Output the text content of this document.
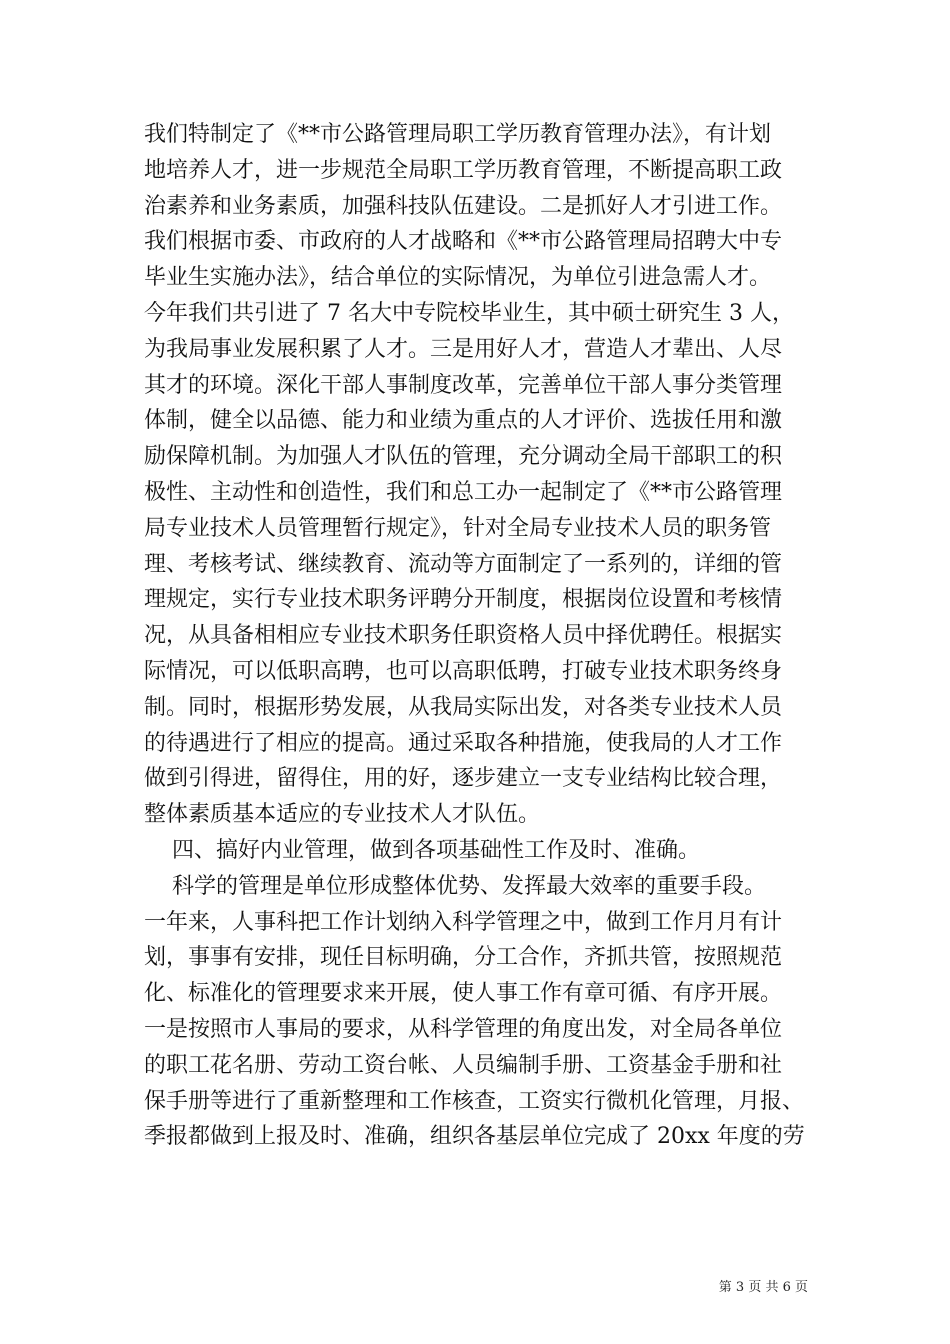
我们特制定了《**市公路管理局职工学历教育管理办法》，有计划
地培养人才，进一步规范全局职工学历教育管理，不断提高职工政
治素养和业务素质，加强科技队伍建设。二是抓好人才引进工作。
我们根据市委、市政府的人才战略和《**市公路管理局招聘大中专
毕业生实施办法》，结合单位的实际情况，为单位引进急需人才。
今年我们共引进了 7 名大中专院校毕业生，其中硕士研究生 3 人，
为我局事业发展积累了人才。三是用好人才，营造人才辈出、人尽
其才的环境。深化干部人事制度改革，完善单位干部人事分类管理
体制，健全以品德、能力和业绩为重点的人才评价、选拔任用和激
励保障机制。为加强人才队伍的管理，充分调动全局干部职工的积
极性、主动性和创造性，我们和总工办一起制定了《**市公路管理
局专业技术人员管理暂行规定》，针对全局专业技术人员的职务管
理、考核考试、继续教育、流动等方面制定了一系列的，详细的管
理规定，实行专业技术职务评聘分开制度，根据岗位设置和考核情
况，从具备相相应专业技术职务任职资格人员中择优聘任。根据实
际情况，可以低职高聘，也可以高职低聘，打破专业技术职务终身
制。同时，根据形势发展，从我局实际出发，对各类专业技术人员
的待遇进行了相应的提高。通过采取各种措施，使我局的人才工作
做到引得进，留得住，用的好，逐步建立一支专业结构比较合理，
整体素质基本适应的专业技术人才队伍。
四、搞好内业管理，做到各项基础性工作及时、准确。
科学的管理是单位形成整体优势、发挥最大效率的重要手段。
一年来，人事科把工作计划纳入科学管理之中，做到工作月月有计
划，事事有安排，现任目标明确，分工合作，齐抓共管，按照规范
化、标准化的管理要求来开展，使人事工作有章可循、有序开展。
一是按照市人事局的要求，从科学管理的角度出发，对全局各单位
的职工花名册、劳动工资台帐、人员编制手册、工资基金手册和社
保手册等进行了重新整理和工作核查，工资实行微机化管理，月报、
季报都做到上报及时、准确，组织各基层单位完成了 20xx 年度的劳
第 3 页 共 6 页
